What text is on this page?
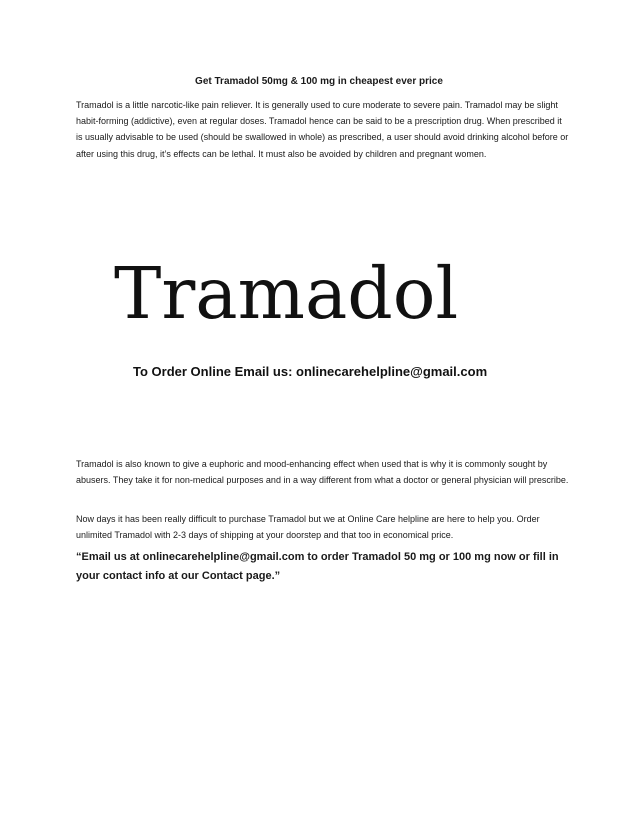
Get Tramadol 50mg & 100 mg in cheapest ever price

Tramadol is a little narcotic-like pain reliever. It is generally used to cure moderate to severe pain. Tramadol may be slight habit-forming (addictive), even at regular doses. Tramadol hence can be said to be a prescription drug. When prescribed it is usually advisable to be used (should be swallowed in whole) as prescribed, a user should avoid drinking alcohol before or after using this drug, it’s effects can be lethal. It must also be avoided by children and pregnant women.

Tramadol
To Order Online Email us: onlinecarehelpline@gmail.com

Tramadol is also known to give a euphoric and mood-enhancing effect when used that is why it is commonly sought by abusers. They take it for non-medical purposes and in a way different from what a doctor or general physician will prescribe.

Now days it has been really difficult to purchase Tramadol but we at Online Care helpline are here to help you. Order unlimited Tramadol with 2-3 days of shipping at your doorstep and that too in economical price.

“Email us at onlinecarehelpline@gmail.com to order Tramadol 50 mg or 100 mg now or fill in your contact info at our Contact page.”
